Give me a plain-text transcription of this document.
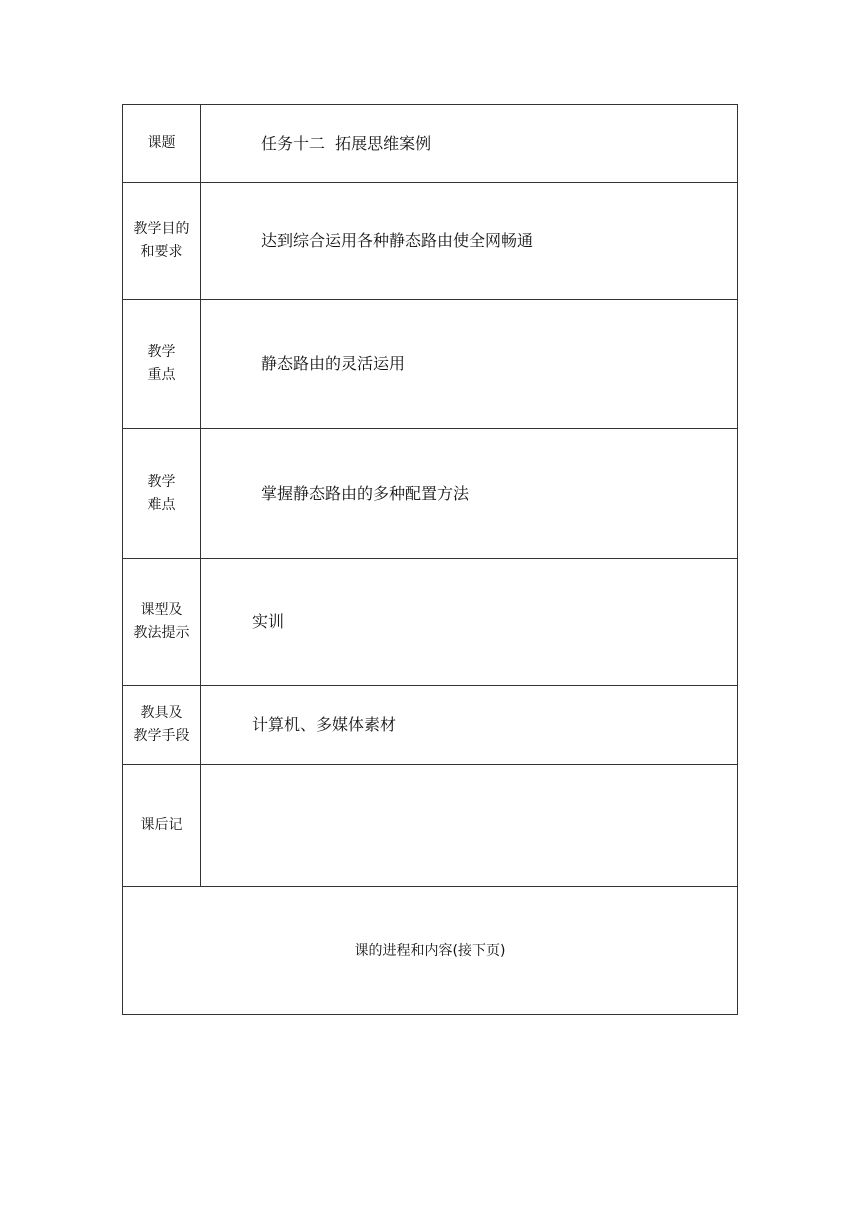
课题	任务十二  拓展思维案例
教学目的
和要求	达到综合运用各种静态路由使全网畅通
教学
重点	静态路由的灵活运用
教学
难点	掌握静态路由的多种配置方法
课型及
教法提示	实训
教具及
教学手段	计算机、多媒体素材
课后记	
课的进程和内容(接下页)	
